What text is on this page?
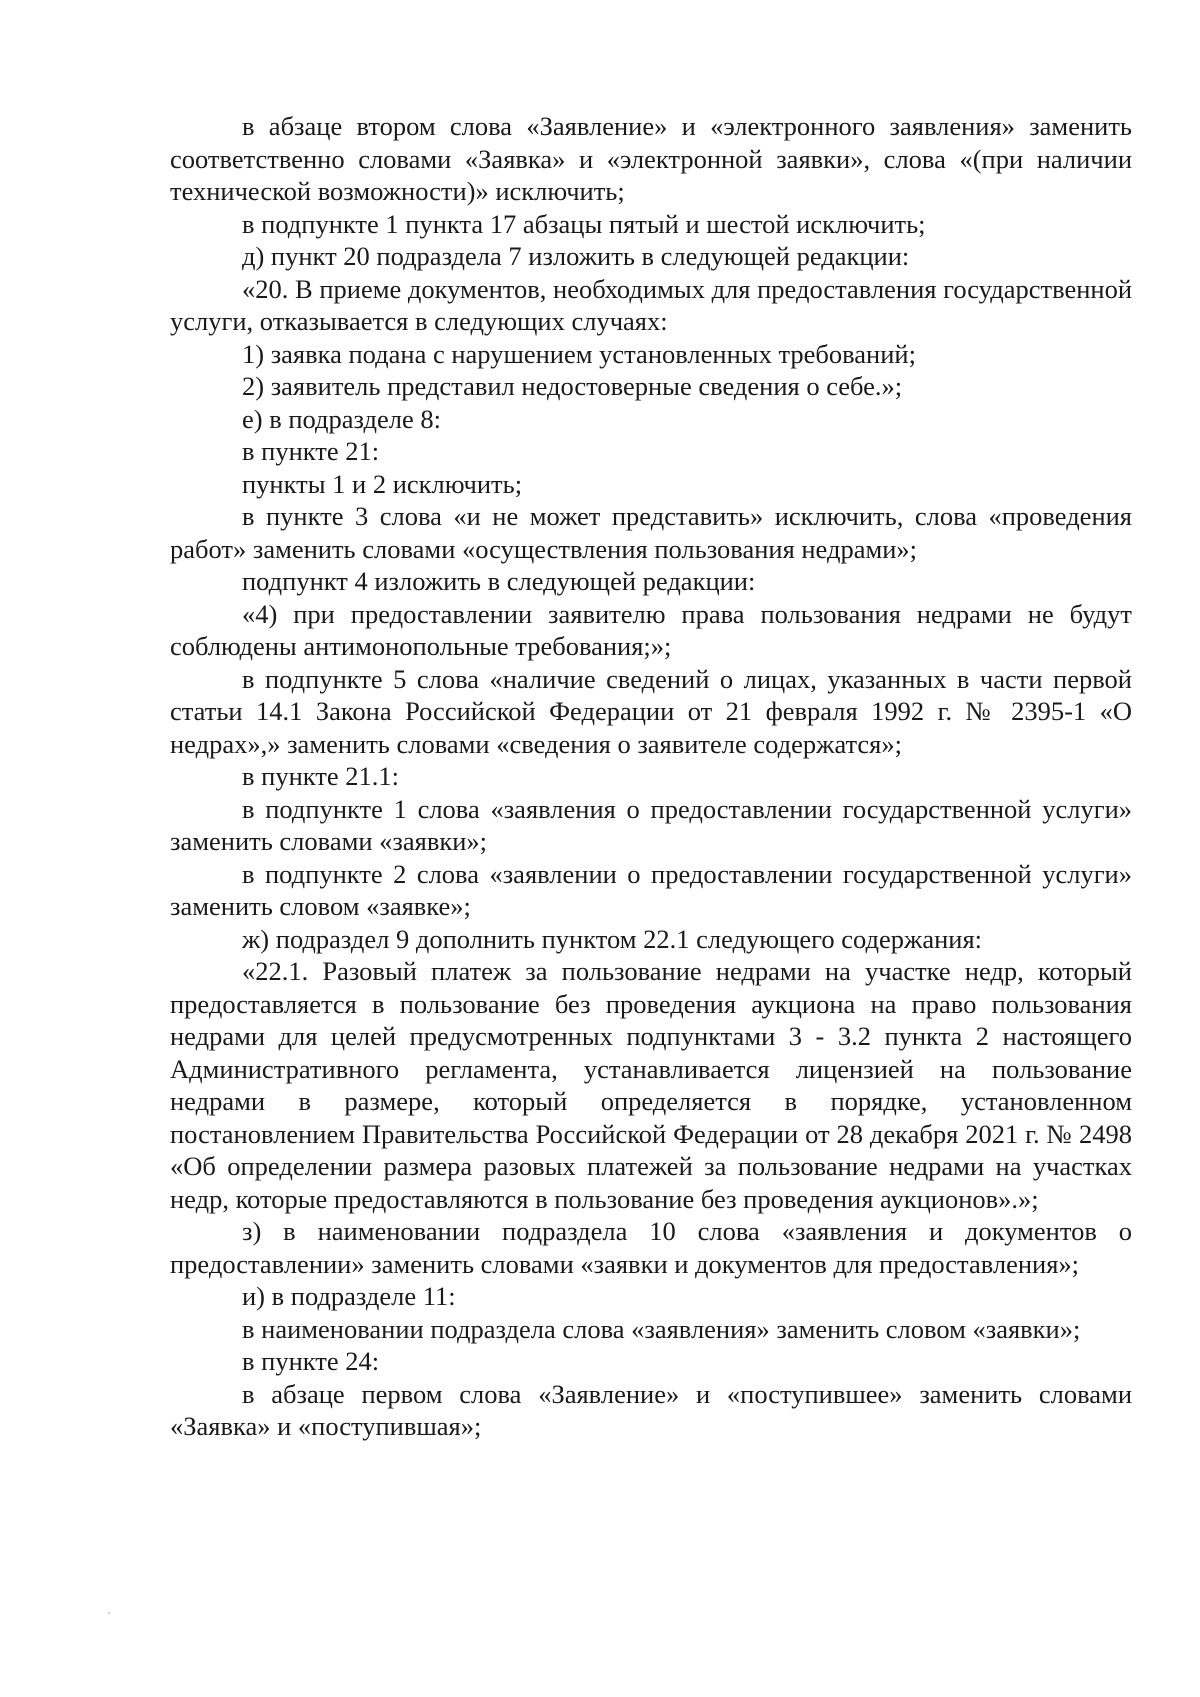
в абзаце втором слова «Заявление» и «электронного заявления» заменить соответственно словами «Заявка» и «электронной заявки», слова «(при наличии технической возможности)» исключить;

в подпункте 1 пункта 17 абзацы пятый и шестой исключить;

д) пункт 20 подраздела 7 изложить в следующей редакции:

«20. В приеме документов, необходимых для предоставления государственной услуги, отказывается в следующих случаях:

1) заявка подана с нарушением установленных требований;

2) заявитель представил недостоверные сведения о себе.»;

е) в подразделе 8:

в пункте 21:

пункты 1 и 2 исключить;

в пункте 3 слова «и не может представить» исключить, слова «проведения работ» заменить словами «осуществления пользования недрами»;

подпункт 4 изложить в следующей редакции:

«4) при предоставлении заявителю права пользования недрами не будут соблюдены антимонопольные требования;»;

в подпункте 5 слова «наличие сведений о лицах, указанных в части первой статьи 14.1 Закона Российской Федерации от 21 февраля 1992 г. № 2395-1 «О недрах»,» заменить словами «сведения о заявителе содержатся»;

в пункте 21.1:

в подпункте 1 слова «заявления о предоставлении государственной услуги» заменить словами «заявки»;

в подпункте 2 слова «заявлении о предоставлении государственной услуги» заменить словом «заявке»;

ж) подраздел 9 дополнить пунктом 22.1 следующего содержания:

«22.1. Разовый платеж за пользование недрами на участке недр, который предоставляется в пользование без проведения аукциона на право пользования недрами для целей предусмотренных подпунктами 3 - 3.2 пункта 2 настоящего Административного регламента, устанавливается лицензией на пользование недрами в размере, который определяется в порядке, установленном постановлением Правительства Российской Федерации от 28 декабря 2021 г. № 2498 «Об определении размера разовых платежей за пользование недрами на участках недр, которые предоставляются в пользование без проведения аукционов».»;

з) в наименовании подраздела 10 слова «заявления и документов о предоставлении» заменить словами «заявки и документов для предоставления»;

и) в подразделе 11:

в наименовании подраздела слова «заявления» заменить словом «заявки»;

в пункте 24:

в абзаце первом слова «Заявление» и «поступившее» заменить словами «Заявка» и «поступившая»;
